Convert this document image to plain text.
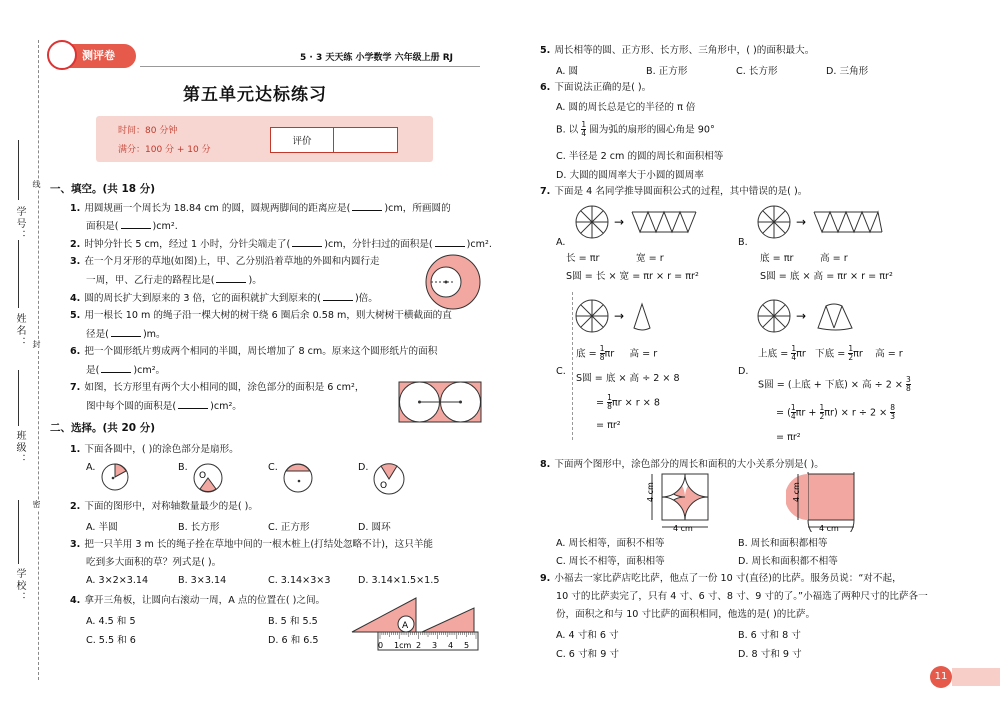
学校：
班级：
姓名：
学号：
密
封
线
测评卷	5 · 3 天天练 小学数学 六年级上册 RJ
第五单元达标练习
时间：80 分钟
满分：100 分 + 10 分
评价
一、填空。(共 18 分)
1. 用圆规画一个周长为 18.84 cm 的圆，圆规两脚间的距离应是(	)cm，所画圆的
面积是(	)cm².
2. 时钟分针长 5 cm，经过 1 小时，分针尖端走了(	)cm，分针扫过的面积是(	)cm².
3. 在一个月牙形的草地(如图)上，甲、乙分别沿着草地的外圆和内圆行走
一周，甲、乙行走的路程比是(	)。
4. 圆的周长扩大到原来的 3 倍，它的面积就扩大到原来的(	)倍。
5. 用一根长 10 m 的绳子沿一棵大树的树干绕 6 圈后余 0.58 m，则大树树干横截面的直
径是(	)m。
6. 把一个圆形纸片剪成两个相同的半圆，周长增加了 8 cm。原来这个圆形纸片的面积
是(	)cm²。
7. 如图，长方形里有两个大小相同的圆，涂色部分的面积是 6 cm²，
图中每个圆的面积是(	)cm²。
二、选择。(共 20 分)
1. 下面各圆中，( )的涂色部分是扇形。
A.	B.	C.	D.
O
O
2. 下面的图形中，对称轴数量最少的是( )。
A. 半圆	B. 长方形	C. 正方形	D. 圆环
3. 把一只羊用 3 m 长的绳子拴在草地中间的一根木桩上(打结处忽略不计)，这只羊能
吃到多大面积的草？列式是( )。
A. 3×2×3.14	B. 3×3.14	C. 3.14×3×3	D. 3.14×1.5×1.5
4. 拿开三角板，让圆向右滚动一周，A 点的位置在( )之间。
A. 4.5 和 5	B. 5 和 5.5
C. 5.5 和 6	D. 6 和 6.5
A
0 1cm 2 3 4 5
5. 周长相等的圆、正方形、长方形、三角形中，( )的面积最大。
A. 圆	B. 正方形	C. 长方形	D. 三角形
6. 下面说法正确的是( )。
A. 圆的周长总是它的半径的 π 倍
B. 以 $\frac{1}{4}$ 圆为弧的扇形的圆心角是 90°
C. 半径是 2 cm 的圆的周长和面积相等
D. 大圆的圆周率大于小圆的圆周率
7. 下面是 4 名同学推导圆面积公式的过程，其中错误的是( )。
A.
→
长 = πr	宽 = r
S圆 = 长 × 宽 = πr × r = πr²
B.
→
底 = πr	高 = r
S圆 = 底 × 高 = πr × r = πr²
C.
→
底 = $\frac{1}{8}$ πr 高 = r
S圆 = 底 × 高 ÷ 2 × 8
= $\frac{1}{8}$ πr × r × 8
= πr²
D.
→
上底 = $\frac{1}{4}$ πr 下底 = $\frac{1}{2}$ πr 高 = r
S圆 = (上底 + 下底) × 高 ÷ $2 \times \frac{3}{8}$
= ( $\frac{1}{4}$ $\pi r + \frac{1}{2} \pi r) \times r \div 2 \times \frac{8}{3}$
= πr²
8. 下面两个图形中，涂色部分的周长和面积的大小关系分别是( )。
4 cm
4 cm
4 cm
4 cm
A. 周长相等，面积不相等	B. 周长和面积都相等
C. 周长不相等，面积相等	D. 周长和面积都不相等
9. 小福去一家比萨店吃比萨，他点了一份 10 寸(直径)的比萨。服务员说：“对不起，
10 寸的比萨卖完了，只有 4 寸、6 寸、8 寸、9 寸的了。”小福选了两种尺寸的比萨各一
份，面积之和与 10 寸比萨的面积相同，他选的是( )的比萨。
A. 4 寸和 6 寸	B. 6 寸和 8 寸
C. 6 寸和 9 寸	D. 8 寸和 9 寸
11
